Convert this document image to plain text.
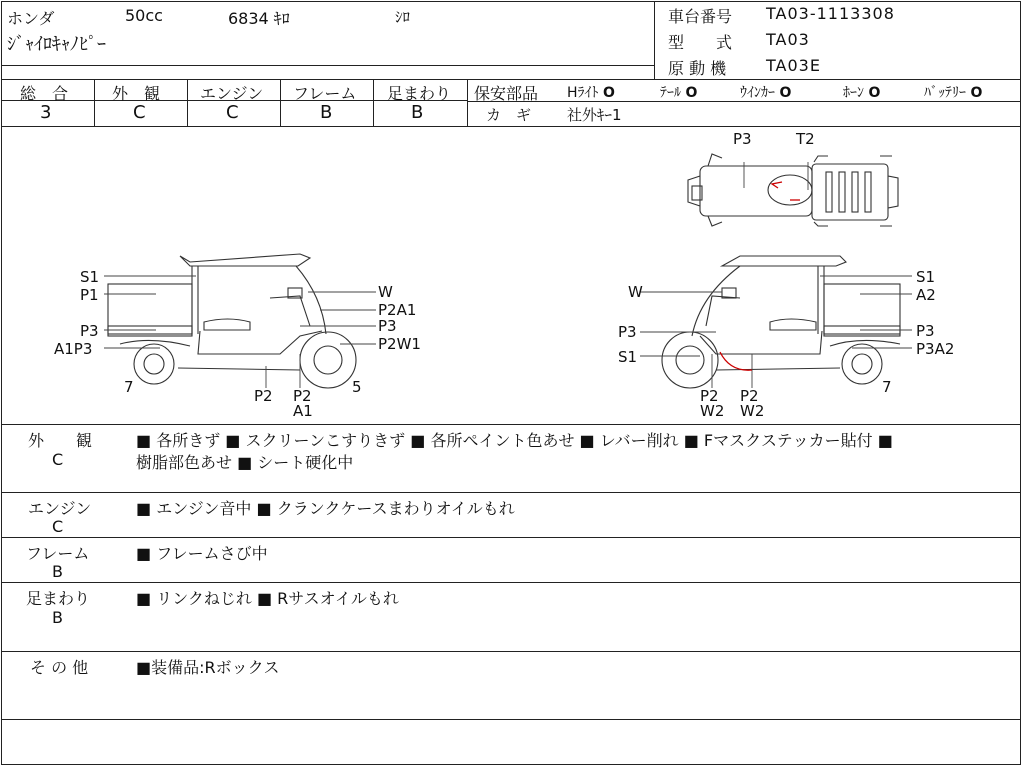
ホンダ	50cc	6834 ｷﾛ	ｼﾛ
ｼﾞｬｲﾛｷｬﾉﾋﾟｰ
車台番号 TA03-1113308
型　　式 TA03
原 動 機 TA03E
総　合	外　観 エンジン フレーム 足まわり
3	C	C	B	B
保安部品 Hﾗｲﾄ O	ﾃｰﾙ O	ｳｲﾝｶｰ O	ﾎｰﾝ O	ﾊﾞｯﾃﾘｰ O
カ　ギ 社外ｷｰ1
P3	T2
S1
P1
P3
A1P3
7	P2 P2
A1
5
P3
P2W1
P2A1
W
S1
A2
P3
P3A2
7
P2
W2
P2
W2
S1
P3
W
外　　観
C
■ 各所きず ■ スクリーンこすりきず ■ 各所ペイント色あせ ■ レバー削れ ■ Fマスクステッカー貼付 ■
樹脂部色あせ ■ シート硬化中
エンジン
C
■ エンジン音中 ■ クランクケースまわりオイルもれ
フレーム
B
■ フレームさび中
足まわり
B
■ リンクねじれ ■ Rサスオイルもれ
そ の 他	■装備品:Rボックス
